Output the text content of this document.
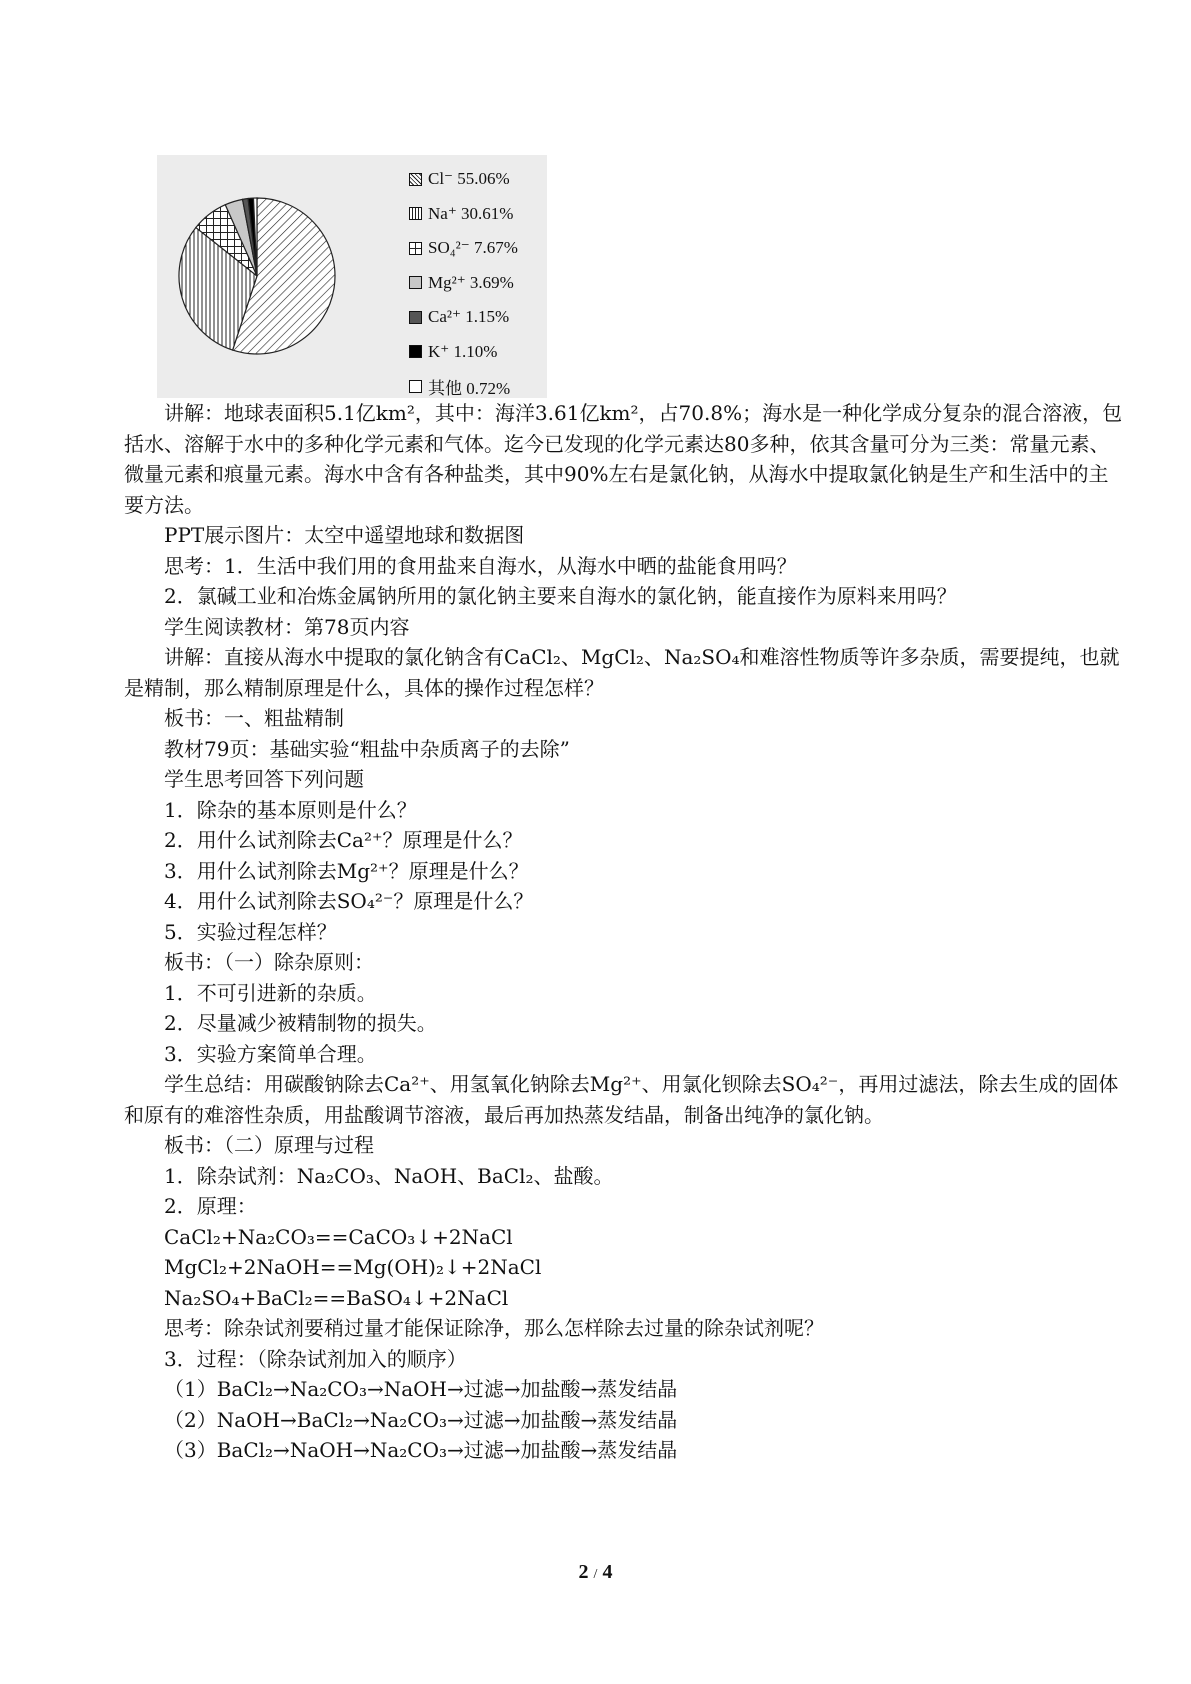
Cl⁻ 55.06%
Na⁺ 30.61%
SO₄²⁻ 7.67%
Mg²⁺ 3.69%
Ca²⁺ 1.15%
K⁺ 1.10%
其他 0.72%

讲解：地球表面积5.1亿km²，其中：海洋3.61亿km²，占70.8%；海水是一种化学成分复杂的混合溶液，包括水、溶解于水中的多种化学元素和气体。迄今已发现的化学元素达80多种，依其含量可分为三类：常量元素、微量元素和痕量元素。海水中含有各种盐类，其中90%左右是氯化钠，从海水中提取氯化钠是生产和生活中的主要方法。

PPT展示图片：太空中遥望地球和数据图

思考：1．生活中我们用的食用盐来自海水，从海水中晒的盐能食用吗？

2．氯碱工业和冶炼金属钠所用的氯化钠主要来自海水的氯化钠，能直接作为原料来用吗？

学生阅读教材：第78页内容

讲解：直接从海水中提取的氯化钠含有CaCl₂、MgCl₂、Na₂SO₄和难溶性物质等许多杂质，需要提纯，也就是精制，那么精制原理是什么，具体的操作过程怎样？

板书：一、粗盐精制

教材79页：基础实验“粗盐中杂质离子的去除”

学生思考回答下列问题

1．除杂的基本原则是什么？

2．用什么试剂除去Ca²⁺？原理是什么？

3．用什么试剂除去Mg²⁺？原理是什么？

4．用什么试剂除去SO₄²⁻？原理是什么？

5．实验过程怎样？

板书：（一）除杂原则：

1．不可引进新的杂质。

2．尽量减少被精制物的损失。

3．实验方案简单合理。

学生总结：用碳酸钠除去Ca²⁺、用氢氧化钠除去Mg²⁺、用氯化钡除去SO₄²⁻，再用过滤法，除去生成的固体和原有的难溶性杂质，用盐酸调节溶液，最后再加热蒸发结晶，制备出纯净的氯化钠。

板书：（二）原理与过程

1．除杂试剂：Na₂CO₃、NaOH、BaCl₂、盐酸。

2．原理：

CaCl₂+Na₂CO₃==CaCO₃↓+2NaCl

MgCl₂+2NaOH==Mg(OH)₂↓+2NaCl

Na₂SO₄+BaCl₂==BaSO₄↓+2NaCl

思考：除杂试剂要稍过量才能保证除净，那么怎样除去过量的除杂试剂呢？

3．过程：（除杂试剂加入的顺序）

（1）BaCl₂→Na₂CO₃→NaOH→过滤→加盐酸→蒸发结晶

（2）NaOH→BaCl₂→Na₂CO₃→过滤→加盐酸→蒸发结晶

（3）BaCl₂→NaOH→Na₂CO₃→过滤→加盐酸→蒸发结晶

2 / 4
